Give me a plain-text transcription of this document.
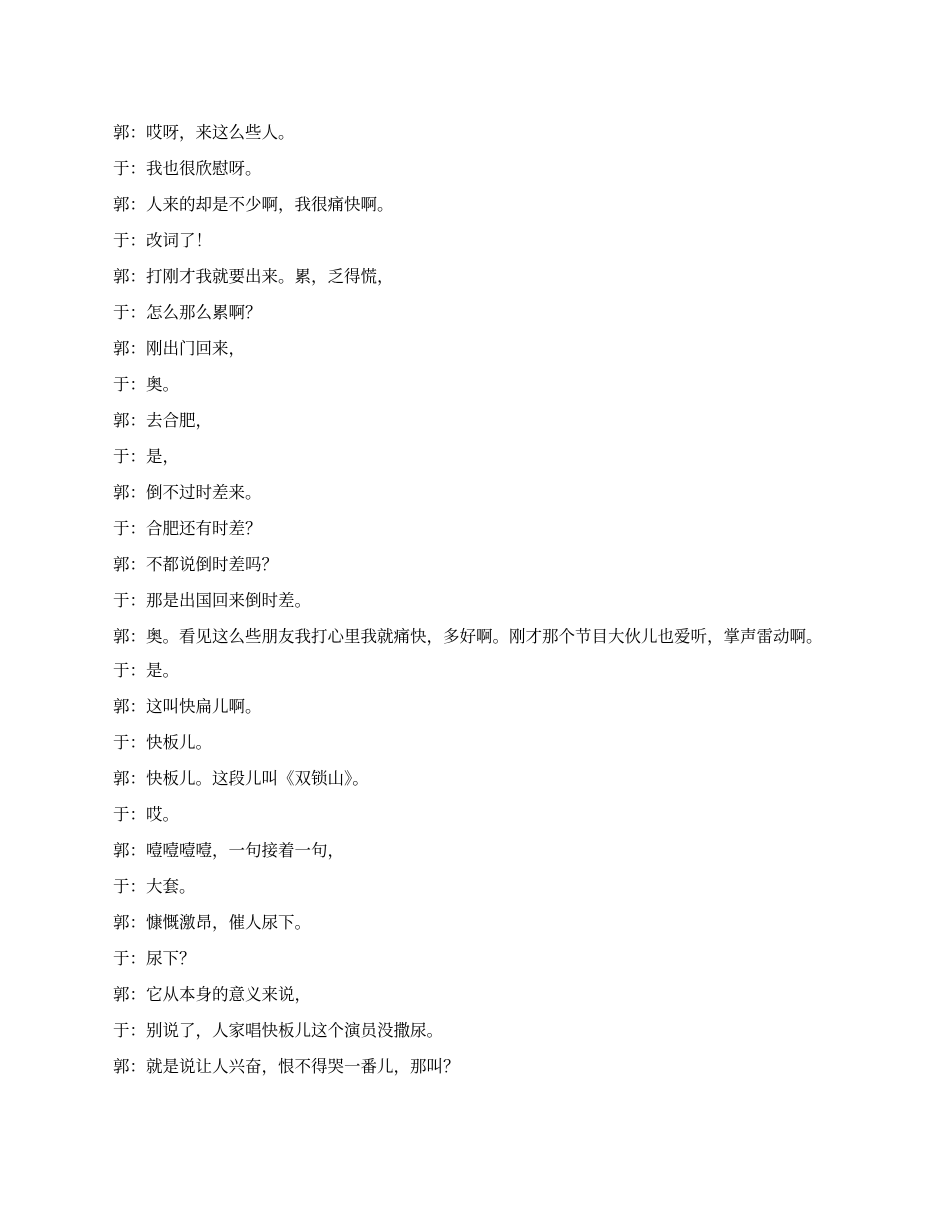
郭：哎呀，来这么些人。

于：我也很欣慰呀。

郭：人来的却是不少啊，我很痛快啊。

于：改词了！

郭：打刚才我就要出来。累，乏得慌，

于：怎么那么累啊？

郭：刚出门回来，

于：奥。

郭：去合肥，

于：是，

郭：倒不过时差来。

于：合肥还有时差？

郭：不都说倒时差吗？

于：那是出国回来倒时差。

郭：奥。看见这么些朋友我打心里我就痛快，多好啊。刚才那个节目大伙儿也爱听，掌声雷动啊。

于：是。

郭：这叫快扁儿啊。

于：快板儿。

郭：快板儿。这段儿叫《双锁山》。

于：哎。

郭：噎噎噎噎，一句接着一句，

于：大套。

郭：慷慨激昂，催人尿下。

于：尿下？

郭：它从本身的意义来说，

于：别说了，人家唱快板儿这个演员没撒尿。

郭：就是说让人兴奋，恨不得哭一番儿，那叫？
